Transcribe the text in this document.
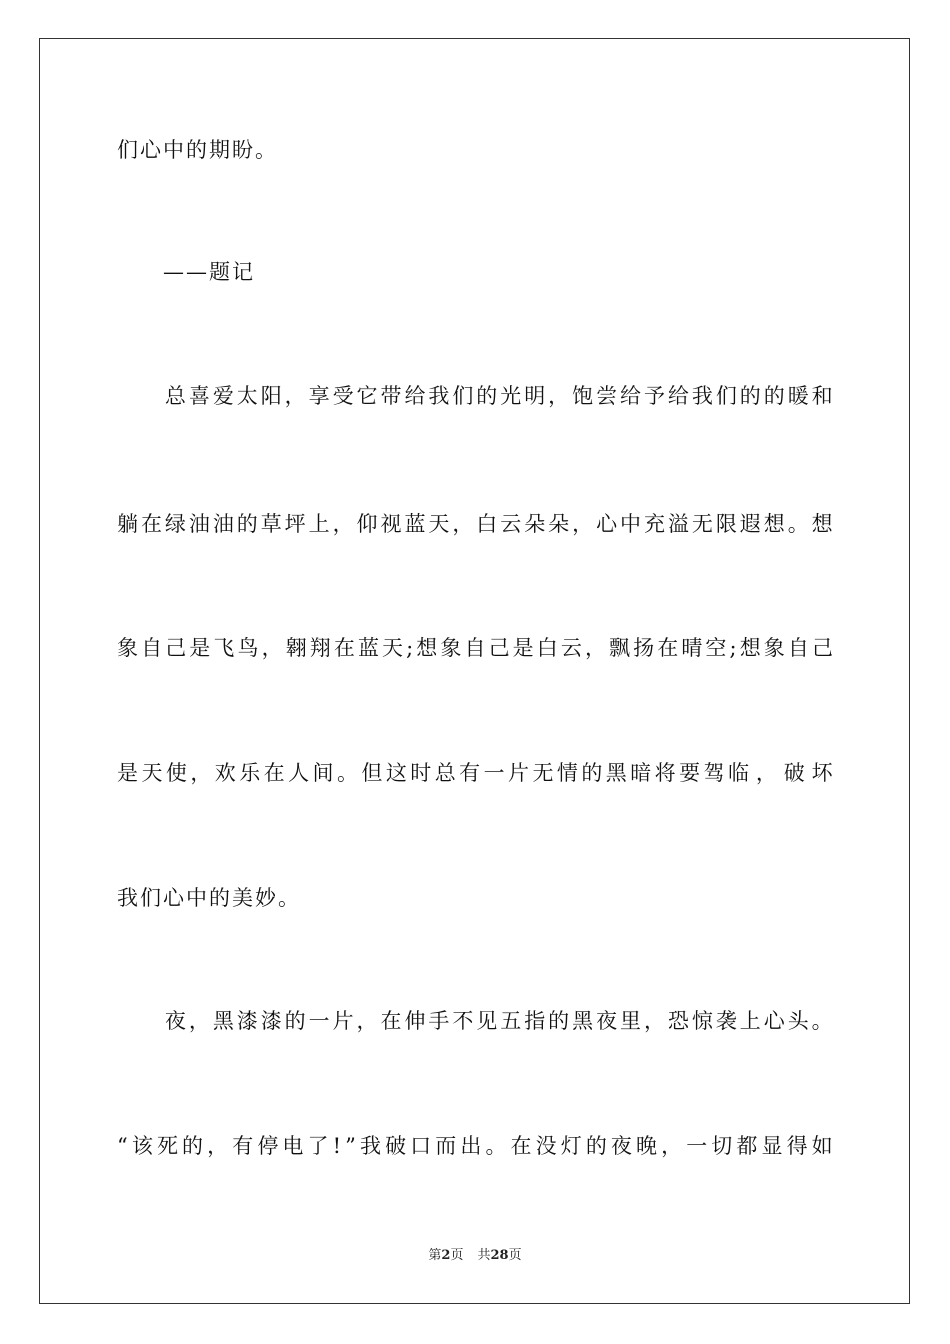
们心中的期盼。
　　——题记

总 喜 爱 太 阳 ， 享 受 它 带 给 我 们 的 光 明 ， 饱 尝 给 予 给 我 们 的 的 暖 和
躺 在 绿 油 油 的 草 坪 上 ， 仰 视 蓝 天 ， 白 云 朵 朵 ， 心 中 充 溢 无 限 遐 想 。 想
象 自 己 是 飞 鸟 ， 翱 翔 在 蓝 天 ; 想 象 自 己 是 白 云 ， 飘 扬 在 晴 空 ; 想 象 自 己
是 天 使 ， 欢 乐 在 人 间 。 但 这 时 总 有 一 片 无 情 的 黑 暗 将 要 驾 临 ， 破 坏
我们心中的美妙。

夜 ， 黑 漆 漆 的 一 片 ， 在 伸 手 不 见 五 指 的 黑 夜 里 ， 恐 惊 袭 上 心 头 。
“ 该 死 的 ， 有 停 电 了 ! ” 我 破 口 而 出 。 在 没 灯 的 夜 晚 ， 一 切 都 显 得 如
第2页 共28页
